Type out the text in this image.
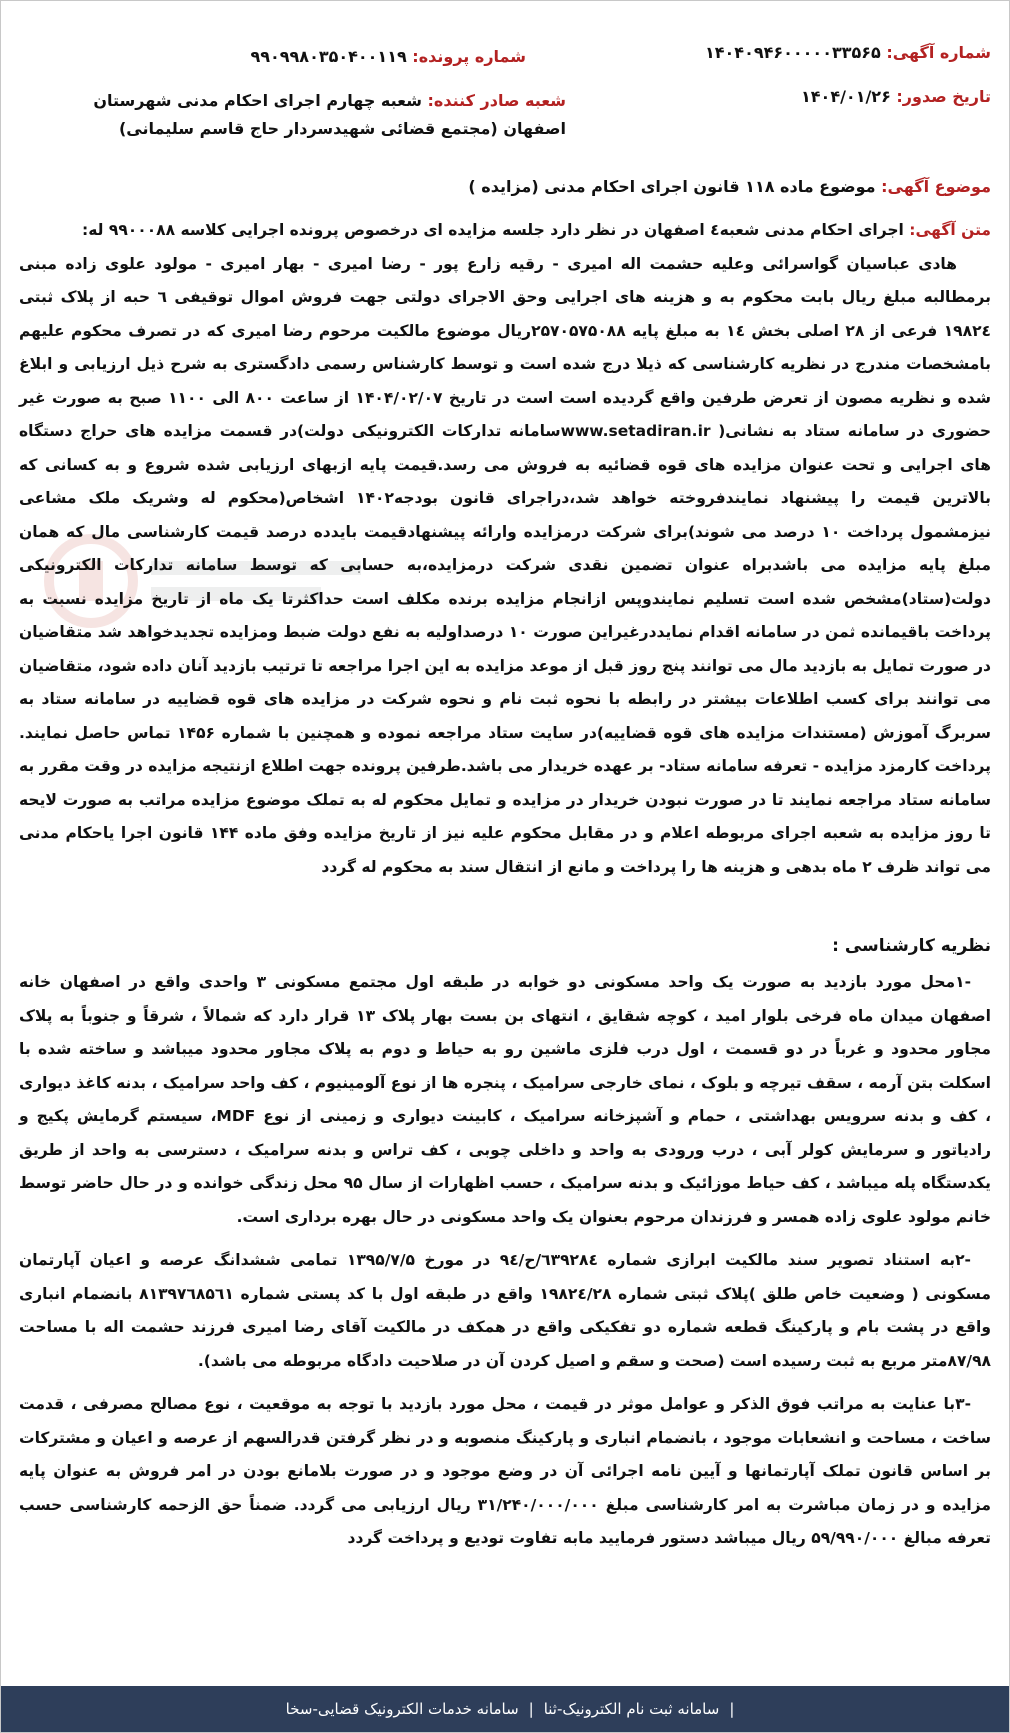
شماره آگهی: ۱۴۰۴۰۹۴۶۰۰۰۰۰۳۳۵۶۵
شماره پرونده: ۹۹۰۹۹۸۰۳۵۰۴۰۰۱۱۹
تاریخ صدور: ۱۴۰۴/۰۱/۲۶
شعبه صادر کننده: شعبه چهارم اجرای احکام مدنی شهرستان اصفهان (مجتمع قضائی شهیدسردار حاج قاسم سلیمانی)
موضوع آگهی: موضوع ماده ۱۱۸ قانون اجرای احکام مدنی (مزایده )
متن آگهی: اجرای احکام مدنی شعبه٤ اصفهان در نظر دارد جلسه مزایده ای درخصوص پرونده اجرایی کلاسه ۹۹۰۰۰۸۸ له:
هادی عباسیان گواسرائی وعلیه حشمت اله امیری - رقیه زارع پور - رضا امیری - بهار امیری - مولود علوی زاده مبنی برمطالبه مبلغ ریال بابت محکوم به و هزینه های اجرایی وحق الاجرای دولتی جهت فروش اموال توقیفی ٦ حبه از پلاک ثبتی ۱۹۸۲٤ فرعی از ۲۸ اصلی بخش ۱٤ به مبلغ پایه ۲۵۷۰۵۷۵۰۸۸ریال موضوع مالکیت مرحوم رضا امیری که در تصرف محکوم علیهم بامشخصات مندرج در نظریه کارشناسی که ذیلا درج شده است و توسط کارشناس رسمی دادگستری به شرح ذیل ارزیابی و ابلاغ شده و نظریه مصون از تعرض طرفین واقع گردیده است است در تاریخ ۱۴۰۴/۰۲/۰۷ از ساعت ۸۰۰ الی ۱۱۰۰ صبح به صورت غیر حضوری در سامانه ستاد به نشانی( www.setadiran.irسامانه تدارکات الکترونیکی دولت)در قسمت مزایده های حراج دستگاه های اجرایی و تحت عنوان مزایده های قوه قضائیه به فروش می رسد.قیمت پایه ازبهای ارزیابی شده شروع و به کسانی که بالاترین قیمت را پیشنهاد نمایندفروخته خواهد شد،دراجرای قانون بودجه۱۴۰۲ اشخاص(محکوم له وشریک ملک مشاعی نیزمشمول پرداخت ۱۰ درصد می شوند)برای شرکت درمزایده وارائه پیشنهادقیمت بایدده درصد قیمت کارشناسی مال که همان مبلغ پایه مزایده می باشدبراه عنوان تضمین نقدی شرکت درمزایده،به حسابی که توسط سامانه تدارکات الکترونیکی دولت(ستاد)مشخص شده است تسلیم نمایندوپس ازانجام مزایده برنده مکلف است حداکثرتا یک ماه از تاریخ مزایده نسبت به پرداخت باقیمانده ثمن در سامانه اقدام نمایددرغیراین صورت ۱۰ درصداولیه به نفع دولت ضبط ومزایده تجدیدخواهد شد متقاضیان در صورت تمایل به بازدید مال می توانند پنج روز قبل از موعد مزایده به این اجرا مراجعه تا ترتیب بازدید آنان داده شود، متقاضیان می توانند برای کسب اطلاعات بیشتر در رابطه با نحوه ثبت نام و نحوه شرکت در مزایده های قوه قضاییه در سامانه ستاد به سربرگ آموزش (مستندات مزایده های قوه قضاییه)در سایت ستاد مراجعه نموده و همچنین با شماره ۱۴۵۶ تماس حاصل نمایند. پرداخت کارمزد مزایده - تعرفه سامانه ستاد- بر عهده خریدار می باشد.طرفین پرونده جهت اطلاع ازنتیجه مزایده در وقت مقرر به سامانه ستاد مراجعه نمایند تا در صورت نبودن خریدار در مزایده و تمایل محکوم له به تملک موضوع مزایده مراتب به صورت لایحه تا روز مزایده به شعبه اجرای مربوطه اعلام و در مقابل محکوم علیه نیز از تاریخ مزایده وفق ماده ۱۴۴ قانون اجرا یاحکام مدنی می تواند ظرف ۲ ماه بدهی و هزینه ها را پرداخت و مانع از انتقال سند به محکوم له گردد
نظریه کارشناسی :
-۱محل مورد بازدید به صورت یک واحد مسکونی دو خوابه در طبقه اول مجتمع مسکونی ۳ واحدی واقع در اصفهان خانه اصفهان میدان ماه فرخی بلوار امید ، کوچه شقایق ، انتهای بن بست بهار پلاک ۱۳ قرار دارد که شمالاً ، شرقاً و جنوباً به پلاک مجاور محدود و غرباً در دو قسمت ، اول درب فلزی ماشین رو به حیاط و دوم به پلاک مجاور محدود میباشد و ساخته شده با اسکلت بتن آرمه ، سقف تیرچه و بلوک ، نمای خارجی سرامیک ، پنجره ها از نوع آلومینیوم ، کف واحد سرامیک ، بدنه کاغذ دیواری ، کف و بدنه سرویس بهداشتی ، حمام و آشپزخانه سرامیک ، کابینت دیواری و زمینی از نوع MDF، سیستم گرمایش پکیج و رادیاتور و سرمایش کولر آبی ، درب ورودی به واحد و داخلی چوبی ، کف تراس و بدنه سرامیک ، دسترسی به واحد از طریق یکدستگاه پله میباشد ، کف حیاط موزائیک و بدنه سرامیک ، حسب اظهارات از سال ۹۵ محل زندگی خوانده و در حال حاضر توسط خانم مولود علوی زاده همسر و فرزندان مرحوم بعنوان یک واحد مسکونی در حال بهره برداری است.
-۲به استناد تصویر سند مالکیت ابرازی شماره ٦۳۹۲۸٤/ح/۹٤ در مورخ ۱۳۹۵/۷/۵ تمامی ششدانگ عرصه و اعیان آپارتمان مسکونی ( وضعیت خاص طلق )پلاک ثبتی شماره ۱۹۸۲٤/۲۸ واقع در طبقه اول با کد پستی شماره ۸۱۳۹۷٦۸۵٦۱ بانضمام انباری واقع در پشت بام و پارکینگ قطعه شماره دو تفکیکی واقع در همکف در مالکیت آقای رضا امیری فرزند حشمت اله با مساحت ۸۷/۹۸متر مربع به ثبت رسیده است (صحت و سقم و اصیل کردن آن در صلاحیت دادگاه مربوطه می باشد).
-۳با عنایت به مراتب فوق الذکر و عوامل موثر در قیمت ، محل مورد بازدید با توجه به موقعیت ، نوع مصالح مصرفی ، قدمت ساخت ، مساحت و انشعابات موجود ، بانضمام انباری و پارکینگ منصوبه و در نظر گرفتن قدرالسهم از عرصه و اعیان و مشترکات بر اساس قانون تملک آپارتمانها و آیین نامه اجرائی آن در وضع موجود و در صورت بلامانع بودن در امر فروش به عنوان پایه مزایده و در زمان مباشرت به امر کارشناسی مبلغ ۳۱/۲۴۰/۰۰۰/۰۰۰ ریال ارزیابی می گردد. ضمناً حق الزحمه کارشناسی حسب تعرفه مبالغ ۵۹/۹۹۰/۰۰۰ ریال میباشد دستور فرمایید مابه تفاوت تودیع و پرداخت گردد
|
سامانه ثبت نام الکترونیک-ثنا
|
سامانه خدمات الکترونیک قضایی-سخا
